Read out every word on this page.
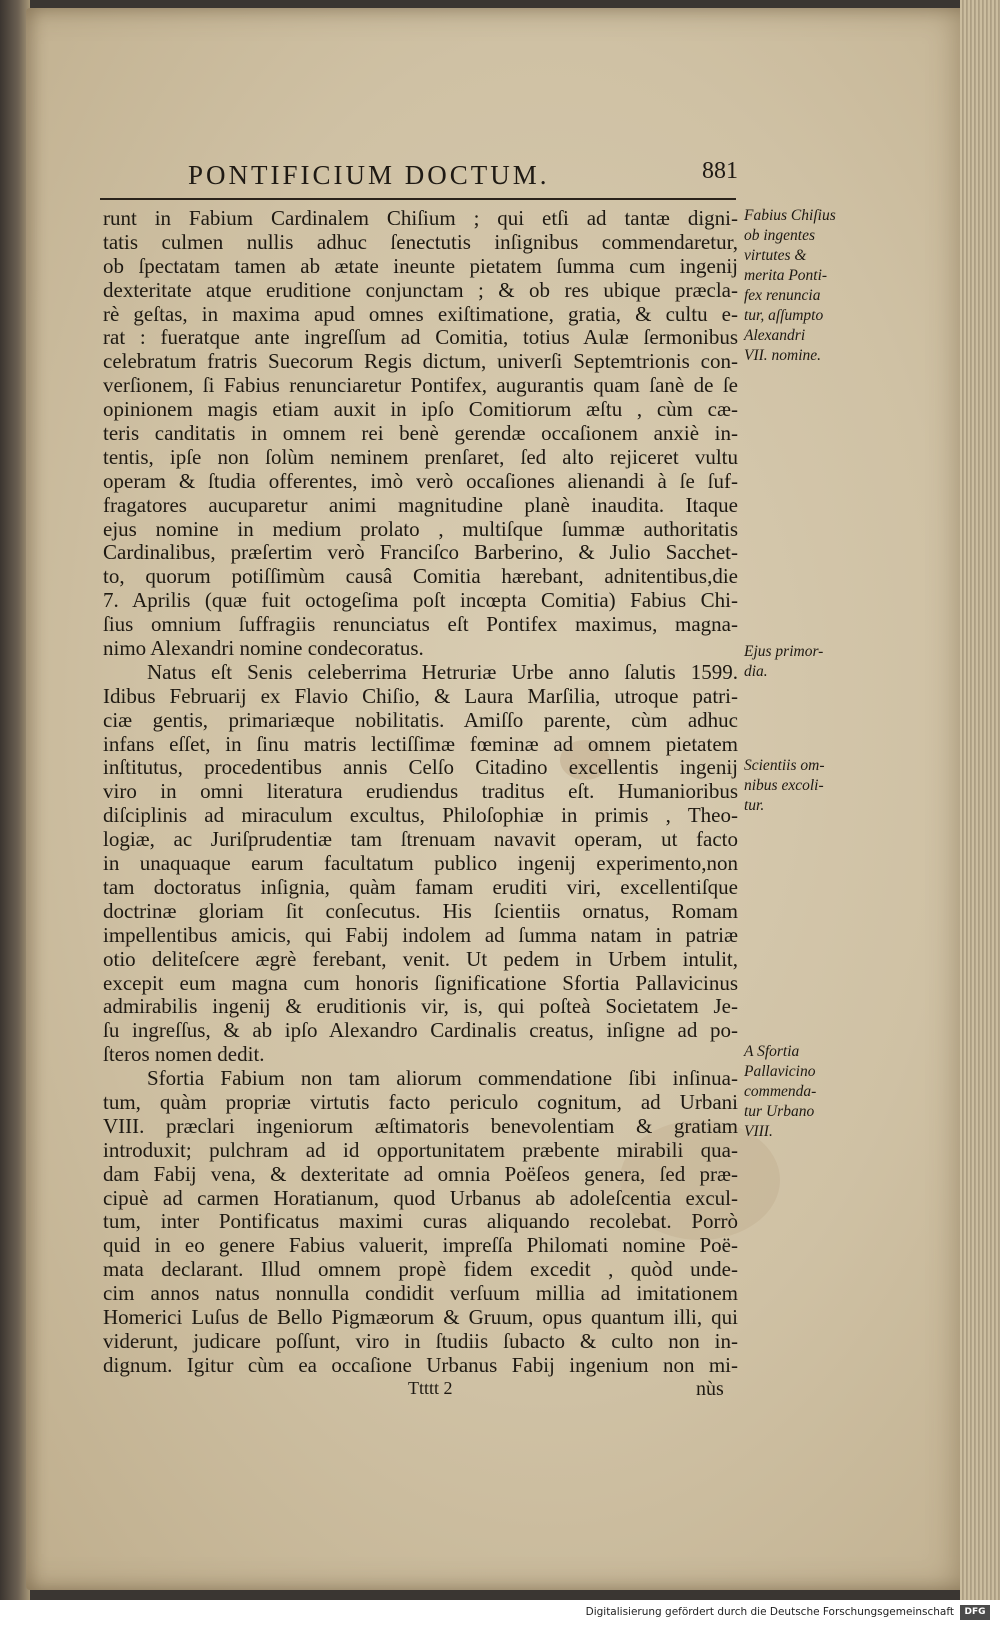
PONTIFICIUM DOCTUM.	881
runt in Fabium Cardinalem Chiſium ; qui etſi ad tantæ digni-
tatis culmen nullis adhuc ſenectutis inſignibus commendaretur,
ob ſpectatam tamen ab ætate ineunte pietatem ſumma cum ingenij
dexteritate atque eruditione conjunctam ; & ob res ubique præcla-
rè geſtas, in maxima apud omnes exiſtimatione, gratia, & cultu e-
rat : fueratque ante ingreſſum ad Comitia, totius Aulæ ſermonibus
celebratum fratris Suecorum Regis dictum, univerſi Septemtrionis con-
verſionem, ſi Fabius renunciaretur Pontifex, augurantis quam ſanè de ſe
opinionem magis etiam auxit in ipſo Comitiorum æſtu , cùm cæ-
teris canditatis in omnem rei benè gerendæ occaſionem anxiè in-
tentis, ipſe non ſolùm neminem prenſaret, ſed alto rejiceret vultu
operam & ſtudia offerentes, imò verò occaſiones alienandi à ſe ſuf-
fragatores aucuparetur animi magnitudine planè inaudita. Itaque
ejus nomine in medium prolato , multiſque ſummæ authoritatis
Cardinalibus, præſertim verò Franciſco Barberino, & Julio Sacchet-
to, quorum potiſſimùm causâ Comitia hærebant, adnitentibus,die
7. Aprilis (quæ fuit octogeſima poſt incœpta Comitia) Fabius Chi-
ſius omnium ſuffragiis renunciatus eſt Pontifex maximus, magna-
nimo Alexandri nomine condecoratus.
Natus eſt Senis celeberrima Hetruriæ Urbe anno ſalutis 1599.
Idibus Februarij ex Flavio Chiſio, & Laura Marſilia, utroque patri-
ciæ gentis, primariæque nobilitatis. Amiſſo parente, cùm adhuc
infans eſſet, in ſinu matris lectiſſimæ fœminæ ad omnem pietatem
inſtitutus, procedentibus annis Celſo Citadino excellentis ingenij
viro in omni literatura erudiendus traditus eſt. Humanioribus
diſciplinis ad miraculum excultus, Philoſophiæ in primis , Theo-
logiæ, ac Juriſprudentiæ tam ſtrenuam navavit operam, ut facto
in unaquaque earum facultatum publico ingenij experimento,non
tam doctoratus inſignia, quàm famam eruditi viri, excellentiſque
doctrinæ gloriam ſit conſecutus. His ſcientiis ornatus, Romam
impellentibus amicis, qui Fabij indolem ad ſumma natam in patriæ
otio deliteſcere ægrè ferebant, venit. Ut pedem in Urbem intulit,
excepit eum magna cum honoris ſignificatione Sfortia Pallavicinus
admirabilis ingenij & eruditionis vir, is, qui poſteà Societatem Je-
ſu ingreſſus, & ab ipſo Alexandro Cardinalis creatus, inſigne ad po-
ſteros nomen dedit.
Sfortia Fabium non tam aliorum commendatione ſibi inſinua-
tum, quàm propriæ virtutis facto periculo cognitum, ad Urbani
VIII. præclari ingeniorum æſtimatoris benevolentiam & gratiam
introduxit; pulchram ad id opportunitatem præbente mirabili qua-
dam Fabij vena, & dexteritate ad omnia Poëſeos genera, ſed præ-
cipuè ad carmen Horatianum, quod Urbanus ab adoleſcentia excul-
tum, inter Pontificatus maximi curas aliquando recolebat. Porrò
quid in eo genere Fabius valuerit, impreſſa Philomati nomine Poë-
mata declarant. Illud omnem propè fidem excedit , quòd unde-
cim annos natus nonnulla condidit verſuum millia ad imitationem
Homerici Luſus de Bello Pigmæorum & Gruum, opus quantum illi, qui
viderunt, judicare poſſunt, viro in ſtudiis ſubacto & culto non in-
dignum. Igitur cùm ea occaſione Urbanus Fabij ingenium non mi-
Fabius Chiſius
ob ingentes
virtutes &
merita Ponti-
fex renuncia
tur, aſſumpto
Alexandri
VII. nomine.
Ejus primor-
dia.
Scientiis om-
nibus excoli-
tur.
A Sfortia
Pallavicino
commenda-
tur Urbano
VIII.
Ttttt 2	nùs
Digitalisierung gefördert durch die Deutsche Forschungsgemeinschaft	DFG
